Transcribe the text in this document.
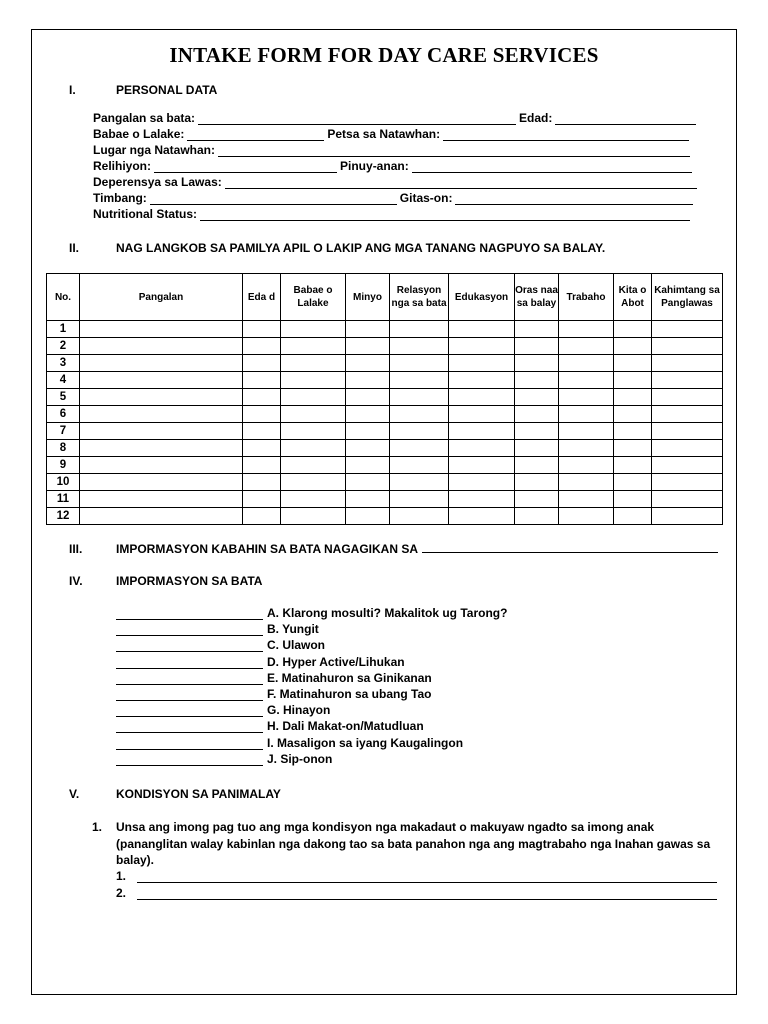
INTAKE FORM FOR DAY CARE SERVICES
I.	PERSONAL DATA
Pangalan sa bata:	Edad:
Babae o Lalake:	Petsa sa Natawhan:
Lugar nga Natawhan:
Relihiyon:	Pinuy-anan:
Deperensya sa Lawas:
Timbang:	Gitas-on:
Nutritional Status:
II.	NAG LANGKOB SA PAMILYA APIL O LAKIP ANG MGA TANANG NAGPUYO SA BALAY.
No.	Pangalan	Eda d	Babae o Lalake	Minyo	Relasyon nga sa bata	Edukasyon	Oras naa sa balay	Trabaho	Kita o Abot	Kahimtang sa Panglawas
1										
2										
3										
4										
5										
6										
7										
8										
9										
10										
11										
12										
III.	IMPORMASYON KABAHIN SA BATA NAGAGIKAN SA
IV.	IMPORMASYON SA BATA
A. Klarong mosulti? Makalitok ug Tarong?
B. Yungit
C. Ulawon
D. Hyper Active/Lihukan
E. Matinahuron sa Ginikanan
F. Matinahuron sa ubang Tao
G. Hinayon
H. Dali Makat-on/Matudluan
I. Masaligon sa iyang Kaugalingon
J. Sip-onon
V.	KONDISYON SA PANIMALAY
1. Unsa ang imong pag tuo ang mga kondisyon nga makadaut o makuyaw ngadto sa imong anak (pananglitan walay kabinlan nga dakong tao sa bata panahon nga ang magtrabaho nga Inahan gawas sa balay).
1.
2.
